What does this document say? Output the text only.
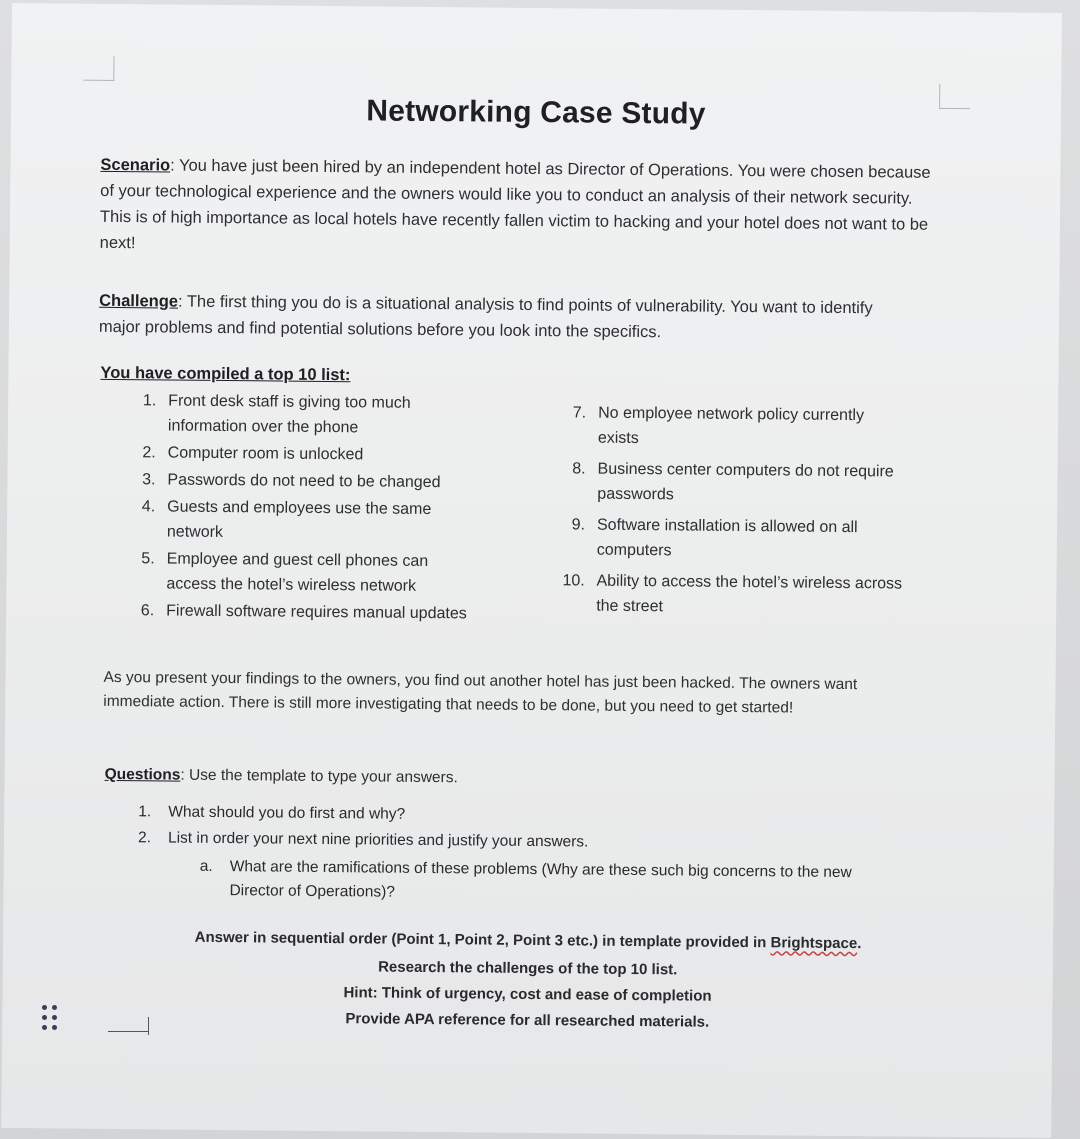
Networking Case Study
Scenario: You have just been hired by an independent hotel as Director of Operations. You were chosen because of your technological experience and the owners would like you to conduct an analysis of their network security. This is of high importance as local hotels have recently fallen victim to hacking and your hotel does not want to be next!
Challenge: The first thing you do is a situational analysis to find points of vulnerability. You want to identify major problems and find potential solutions before you look into the specifics.
You have compiled a top 10 list:
1. Front desk staff is giving too much information over the phone
2. Computer room is unlocked
3. Passwords do not need to be changed
4. Guests and employees use the same network
5. Employee and guest cell phones can access the hotel’s wireless network
6. Firewall software requires manual updates
7. No employee network policy currently exists
8. Business center computers do not require passwords
9. Software installation is allowed on all computers
10. Ability to access the hotel’s wireless across the street
As you present your findings to the owners, you find out another hotel has just been hacked. The owners want immediate action. There is still more investigating that needs to be done, but you need to get started!
Questions: Use the template to type your answers.
1. What should you do first and why?
2. List in order your next nine priorities and justify your answers.
a. What are the ramifications of these problems (Why are these such big concerns to the new Director of Operations)?
Answer in sequential order (Point 1, Point 2, Point 3 etc.) in template provided in Brightspace.
Research the challenges of the top 10 list.
Hint: Think of urgency, cost and ease of completion
Provide APA reference for all researched materials.
